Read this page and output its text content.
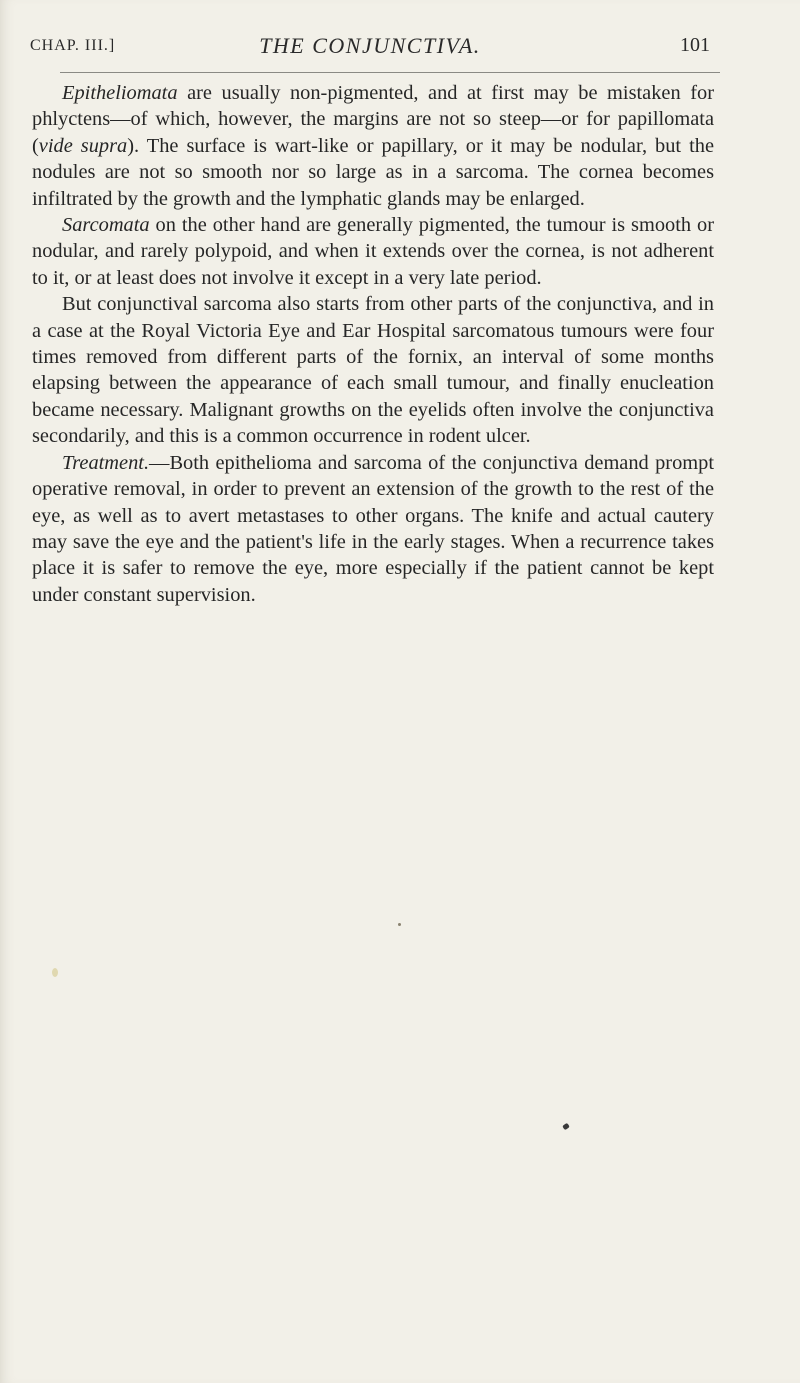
CHAP. III.]	THE CONJUNCTIVA.	101

Epitheliomata are usually non-pigmented, and at first may be mistaken for phlyctens—of which, however, the margins are not so steep—or for papillomata (vide supra). The surface is wart-like or papillary, or it may be nodular, but the nodules are not so smooth nor so large as in a sarcoma. The cornea becomes infiltrated by the growth and the lymphatic glands may be enlarged.

Sarcomata on the other hand are generally pigmented, the tumour is smooth or nodular, and rarely polypoid, and when it extends over the cornea, is not adherent to it, or at least does not involve it except in a very late period.

But conjunctival sarcoma also starts from other parts of the conjunctiva, and in a case at the Royal Victoria Eye and Ear Hospital sarcomatous tumours were four times removed from different parts of the fornix, an interval of some months elapsing between the appearance of each small tumour, and finally enucleation became necessary. Malignant growths on the eyelids often involve the conjunctiva secondarily, and this is a common occurrence in rodent ulcer.

Treatment.—Both epithelioma and sarcoma of the conjunctiva demand prompt operative removal, in order to prevent an extension of the growth to the rest of the eye, as well as to avert metastases to other organs. The knife and actual cautery may save the eye and the patient's life in the early stages. When a recurrence takes place it is safer to remove the eye, more especially if the patient cannot be kept under constant supervision.
